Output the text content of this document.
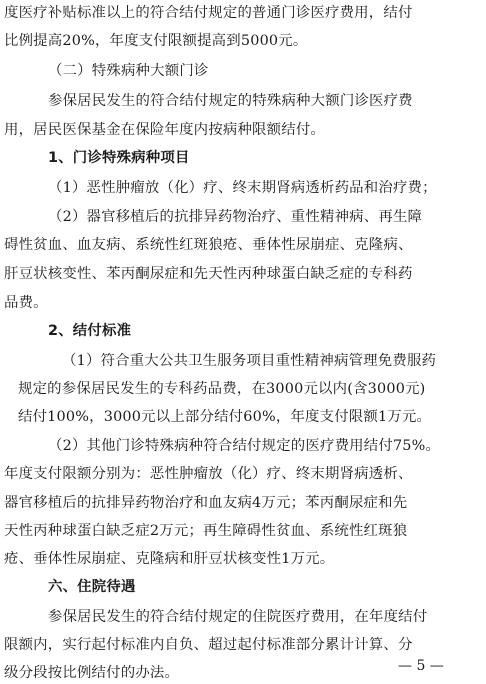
度医疗补贴标准以上的符合结付规定的普通门诊医疗费用，结付
比例提高20%，年度支付限额提高到5000元。
（二）特殊病种大额门诊
参保居民发生的符合结付规定的特殊病种大额门诊医疗费
用，居民医保基金在保险年度内按病种限额结付。
1、门诊特殊病种项目
（1）恶性肿瘤放（化）疗、终末期肾病透析药品和治疗费；
（2）器官移植后的抗排异药物治疗、重性精神病、再生障
碍性贫血、血友病、系统性红斑狼疮、垂体性尿崩症、克隆病、
肝豆状核变性、苯丙酮尿症和先天性丙种球蛋白缺乏症的专科药
品费。
2、结付标准
（1）符合重大公共卫生服务项目重性精神病管理免费服药
规定的参保居民发生的专科药品费，在3000元以内(含3000元)
结付100%，3000元以上部分结付60%，年度支付限额1万元。
（2）其他门诊特殊病种符合结付规定的医疗费用结付75%。
年度支付限额分别为：恶性肿瘤放（化）疗、终末期肾病透析、
器官移植后的抗排异药物治疗和血友病4万元；苯丙酮尿症和先
天性丙种球蛋白缺乏症2万元；再生障碍性贫血、系统性红斑狼
疮、垂体性尿崩症、克隆病和肝豆状核变性1万元。
六、住院待遇
参保居民发生的符合结付规定的住院医疗费用，在年度结付
限额内，实行起付标准内自负、超过起付标准部分累计计算、分
级分段按比例结付的办法。	— 5 —
